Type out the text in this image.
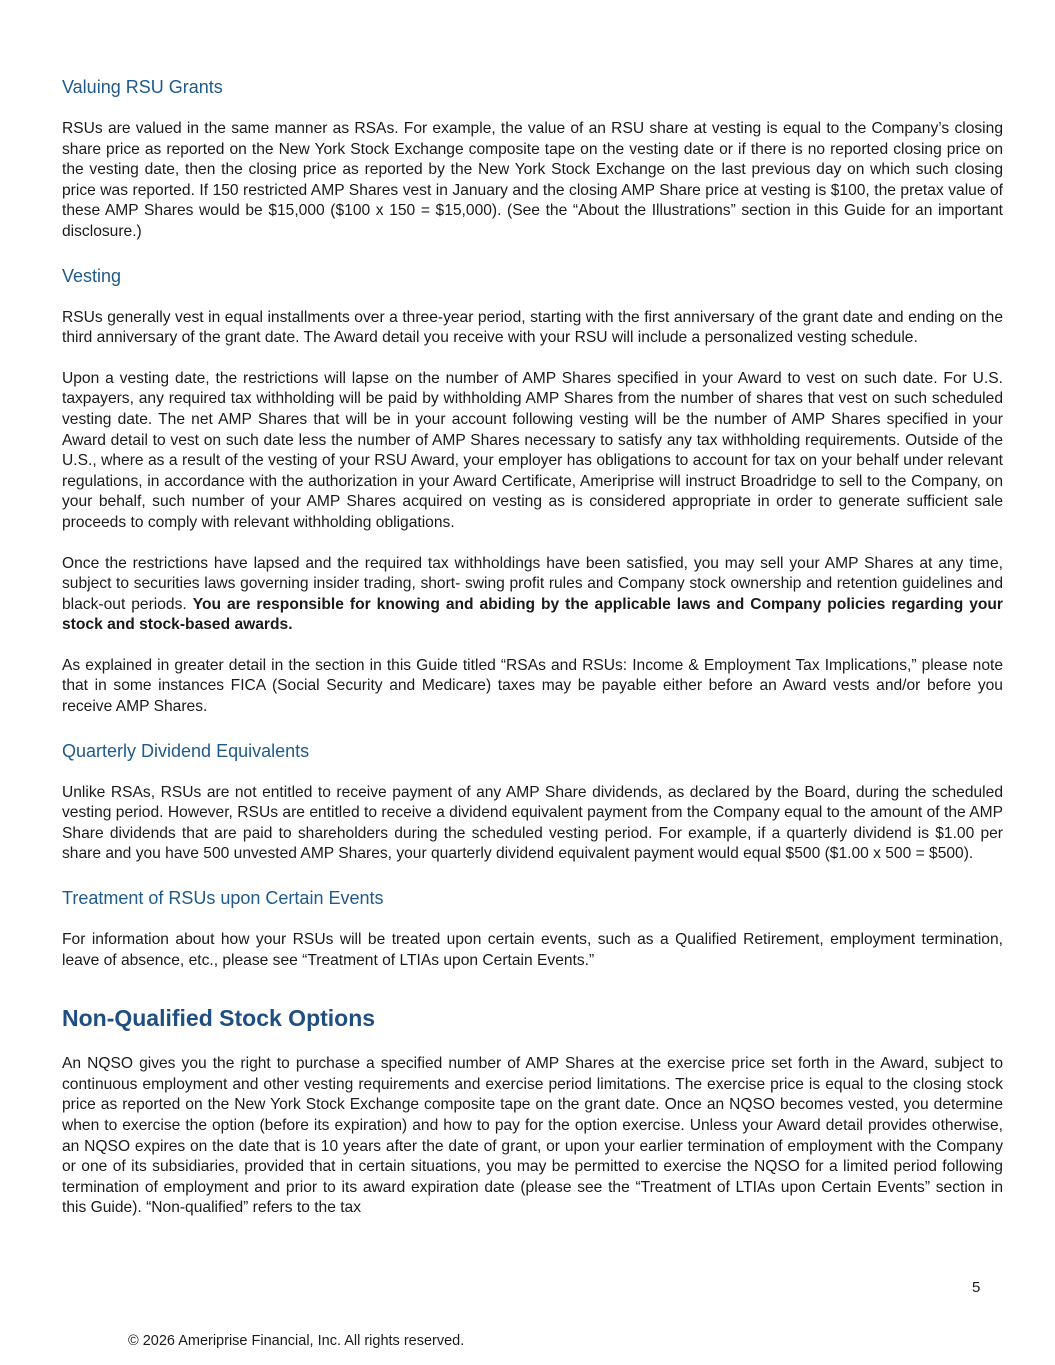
Valuing RSU Grants

RSUs are valued in the same manner as RSAs. For example, the value of an RSU share at vesting is equal to the Company’s closing share price as reported on the New York Stock Exchange composite tape on the vesting date or if there is no reported closing price on the vesting date, then the closing price as reported by the New York Stock Exchange on the last previous day on which such closing price was reported. If 150 restricted AMP Shares vest in January and the closing AMP Share price at vesting is $100, the pretax value of these AMP Shares would be $15,000 ($100 x 150 = $15,000). (See the “About the Illustrations” section in this Guide for an important disclosure.)

Vesting

RSUs generally vest in equal installments over a three-year period, starting with the first anniversary of the grant date and ending on the third anniversary of the grant date. The Award detail you receive with your RSU will include a personalized vesting schedule.

Upon a vesting date, the restrictions will lapse on the number of AMP Shares specified in your Award to vest on such date. For U.S. taxpayers, any required tax withholding will be paid by withholding AMP Shares from the number of shares that vest on such scheduled vesting date. The net AMP Shares that will be in your account following vesting will be the number of AMP Shares specified in your Award detail to vest on such date less the number of AMP Shares necessary to satisfy any tax withholding requirements. Outside of the U.S., where as a result of the vesting of your RSU Award, your employer has obligations to account for tax on your behalf under relevant regulations, in accordance with the authorization in your Award Certificate, Ameriprise will instruct Broadridge to sell to the Company, on your behalf, such number of your AMP Shares acquired on vesting as is considered appropriate in order to generate sufficient sale proceeds to comply with relevant withholding obligations.

Once the restrictions have lapsed and the required tax withholdings have been satisfied, you may sell your AMP Shares at any time, subject to securities laws governing insider trading, short- swing profit rules and Company stock ownership and retention guidelines and black-out periods. You are responsible for knowing and abiding by the applicable laws and Company policies regarding your stock and stock-based awards.

As explained in greater detail in the section in this Guide titled “RSAs and RSUs: Income & Employment Tax Implications,” please note that in some instances FICA (Social Security and Medicare) taxes may be payable either before an Award vests and/or before you receive AMP Shares.

Quarterly Dividend Equivalents

Unlike RSAs, RSUs are not entitled to receive payment of any AMP Share dividends, as declared by the Board, during the scheduled vesting period. However, RSUs are entitled to receive a dividend equivalent payment from the Company equal to the amount of the AMP Share dividends that are paid to shareholders during the scheduled vesting period. For example, if a quarterly dividend is $1.00 per share and you have 500 unvested AMP Shares, your quarterly dividend equivalent payment would equal $500 ($1.00 x 500 = $500).

Treatment of RSUs upon Certain Events

For information about how your RSUs will be treated upon certain events, such as a Qualified Retirement, employment termination, leave of absence, etc., please see “Treatment of LTIAs upon Certain Events.”

Non-Qualified Stock Options

An NQSO gives you the right to purchase a specified number of AMP Shares at the exercise price set forth in the Award, subject to continuous employment and other vesting requirements and exercise period limitations. The exercise price is equal to the closing stock price as reported on the New York Stock Exchange composite tape on the grant date. Once an NQSO becomes vested, you determine when to exercise the option (before its expiration) and how to pay for the option exercise. Unless your Award detail provides otherwise, an NQSO expires on the date that is 10 years after the date of grant, or upon your earlier termination of employment with the Company or one of its subsidiaries, provided that in certain situations, you may be permitted to exercise the NQSO for a limited period following termination of employment and prior to its award expiration date (please see the “Treatment of LTIAs upon Certain Events” section in this Guide). “Non-qualified” refers to the tax

5
© 2026 Ameriprise Financial, Inc. All rights reserved.
